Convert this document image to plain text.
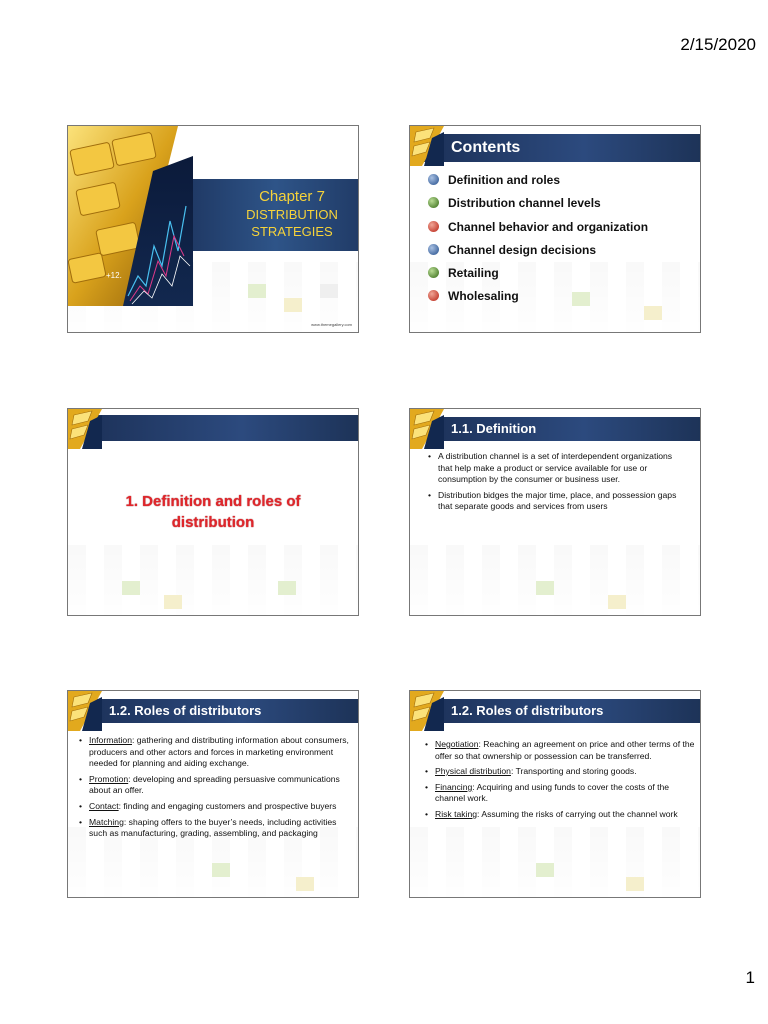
2/15/2020
+12.
Chapter 7
DISTRIBUTION
STRATEGIES
www.themegallery.com
Contents
Definition and roles
Distribution channel levels
Channel behavior and organization
Channel design decisions
Retailing
Wholesaling
1. Definition and roles of
distribution
1.1. Definition
• A distribution channel is a set of interdependent organizations that help make a product or service available for use or consumption by the consumer or business user.
• Distribution bidges the major time, place, and possession gaps that separate goods and services from users
1.2. Roles of distributors
• Information: gathering and distributing information about consumers, producers and other actors and forces in marketing environment needed for planning and aiding exchange.
• Promotion: developing and spreading persuasive communications about an offer.
• Contact: finding and engaging customers and prospective buyers
• Matching: shaping offers to the buyer’s needs, including activities such as manufacturing, grading, assembling, and packaging
1.2. Roles of distributors
• Negotiation: Reaching an agreement on price and other terms of the offer so that ownership or possession can be transferred.
• Physical distribution: Transporting and storing goods.
• Financing: Acquiring and using funds to cover the costs of the channel work.
• Risk taking: Assuming the risks of carrying out the channel work
1
